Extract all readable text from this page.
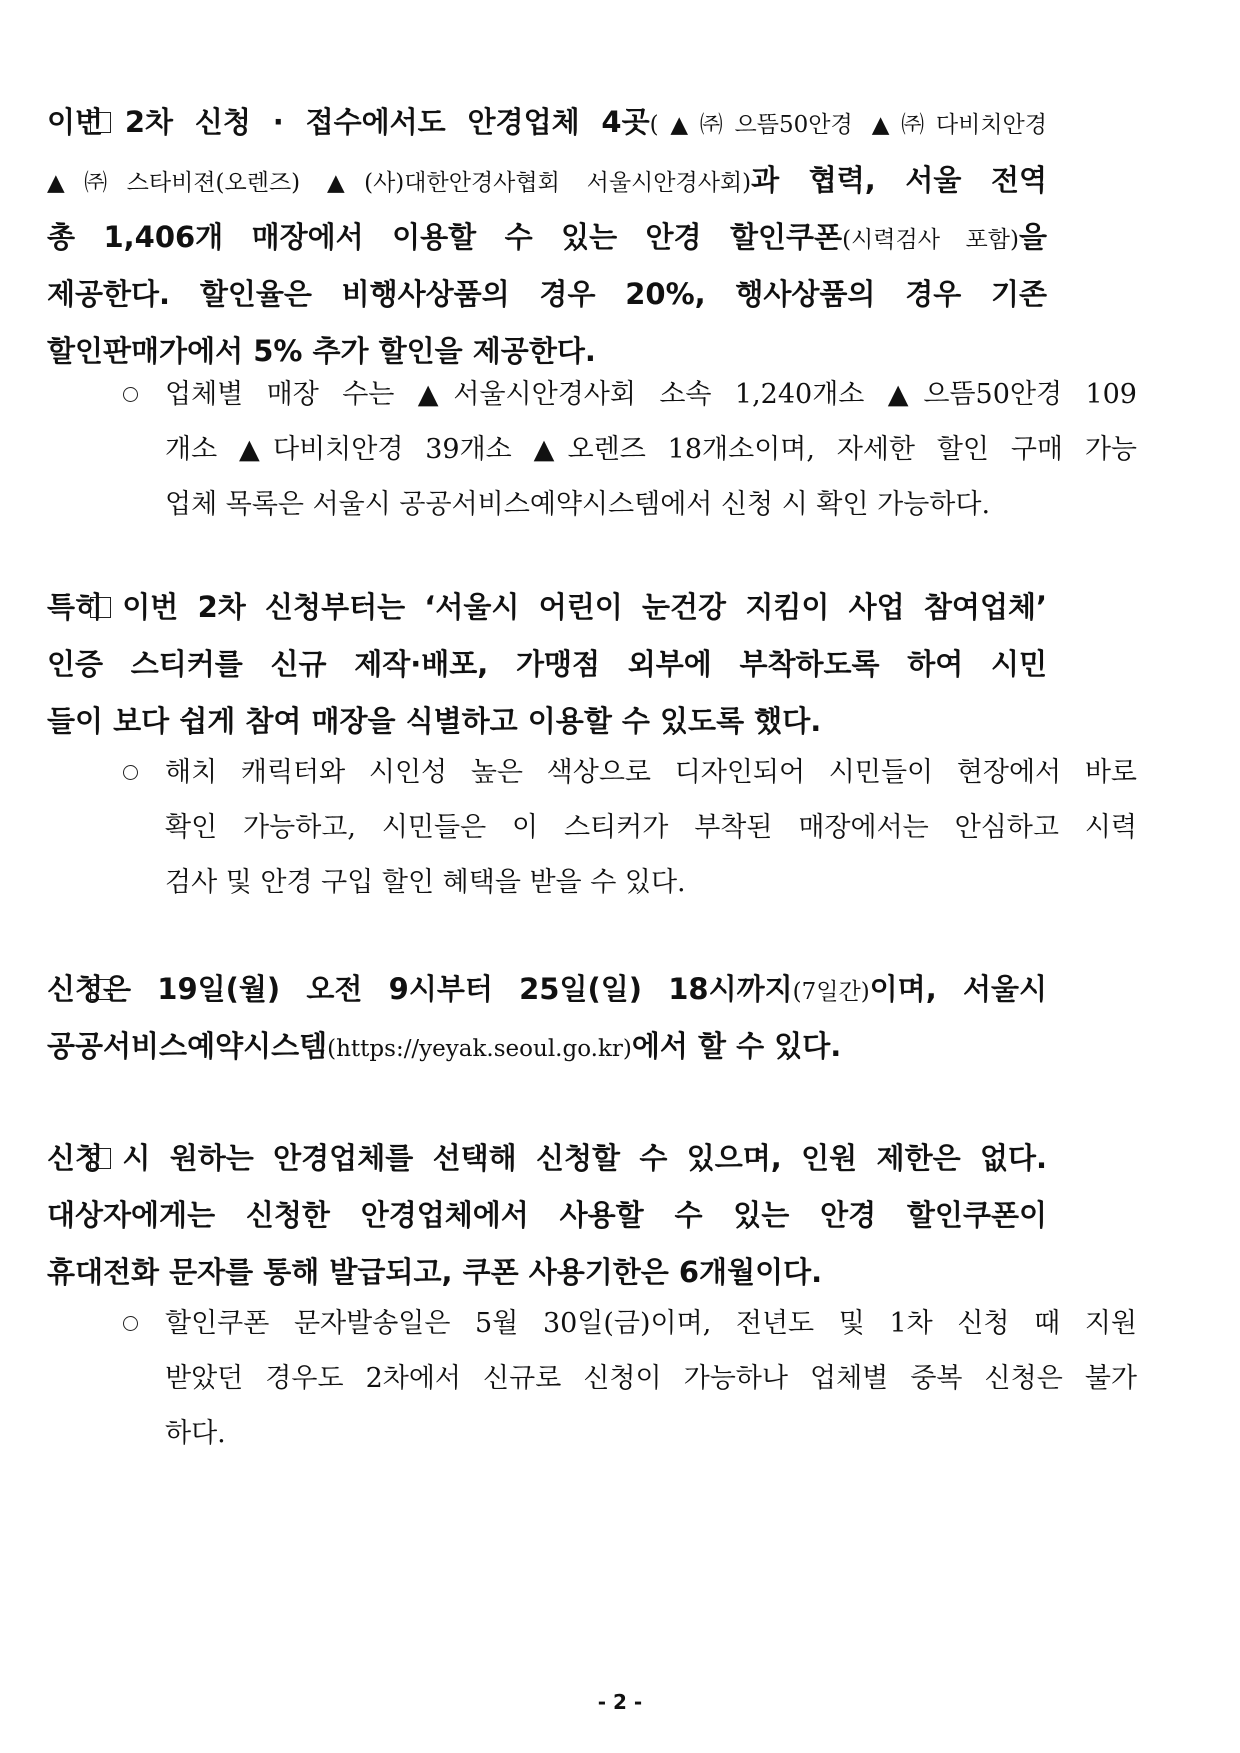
이번 2차 신청 · 접수에서도 안경업체 4곳(▲㈜으뜸50안경 ▲㈜다비치안경
▲㈜스타비젼(오렌즈) ▲(사)대한안경사협회 서울시안경사회)과 협력, 서울 전역
총 1,406개 매장에서 이용할 수 있는 안경 할인쿠폰(시력검사 포함)을
제공한다. 할인율은 비행사상품의 경우 20%, 행사상품의 경우 기존
할인판매가에서 5% 추가 할인을 제공한다.
업체별 매장 수는 ▲서울시안경사회 소속 1,240개소 ▲으뜸50안경 109
개소 ▲다비치안경 39개소 ▲오렌즈 18개소이며, 자세한 할인 구매 가능
업체 목록은 서울시 공공서비스예약시스템에서 신청 시 확인 가능하다.
특히 이번 2차 신청부터는 ‘서울시 어린이 눈건강 지킴이 사업 참여업체’
인증 스티커를 신규 제작·배포, 가맹점 외부에 부착하도록 하여 시민
들이 보다 쉽게 참여 매장을 식별하고 이용할 수 있도록 했다.
해치 캐릭터와 시인성 높은 색상으로 디자인되어 시민들이 현장에서 바로
확인 가능하고, 시민들은 이 스티커가 부착된 매장에서는 안심하고 시력
검사 및 안경 구입 할인 혜택을 받을 수 있다.
신청은 19일(월) 오전 9시부터 25일(일) 18시까지(7일간)이며, 서울시
공공서비스예약시스템(https://yeyak.seoul.go.kr)에서 할 수 있다.
신청 시 원하는 안경업체를 선택해 신청할 수 있으며, 인원 제한은 없다.
대상자에게는 신청한 안경업체에서 사용할 수 있는 안경 할인쿠폰이
휴대전화 문자를 통해 발급되고, 쿠폰 사용기한은 6개월이다.
할인쿠폰 문자발송일은 5월 30일(금)이며, 전년도 및 1차 신청 때 지원
받았던 경우도 2차에서 신규로 신청이 가능하나 업체별 중복 신청은 불가
하다.
- 2 -
